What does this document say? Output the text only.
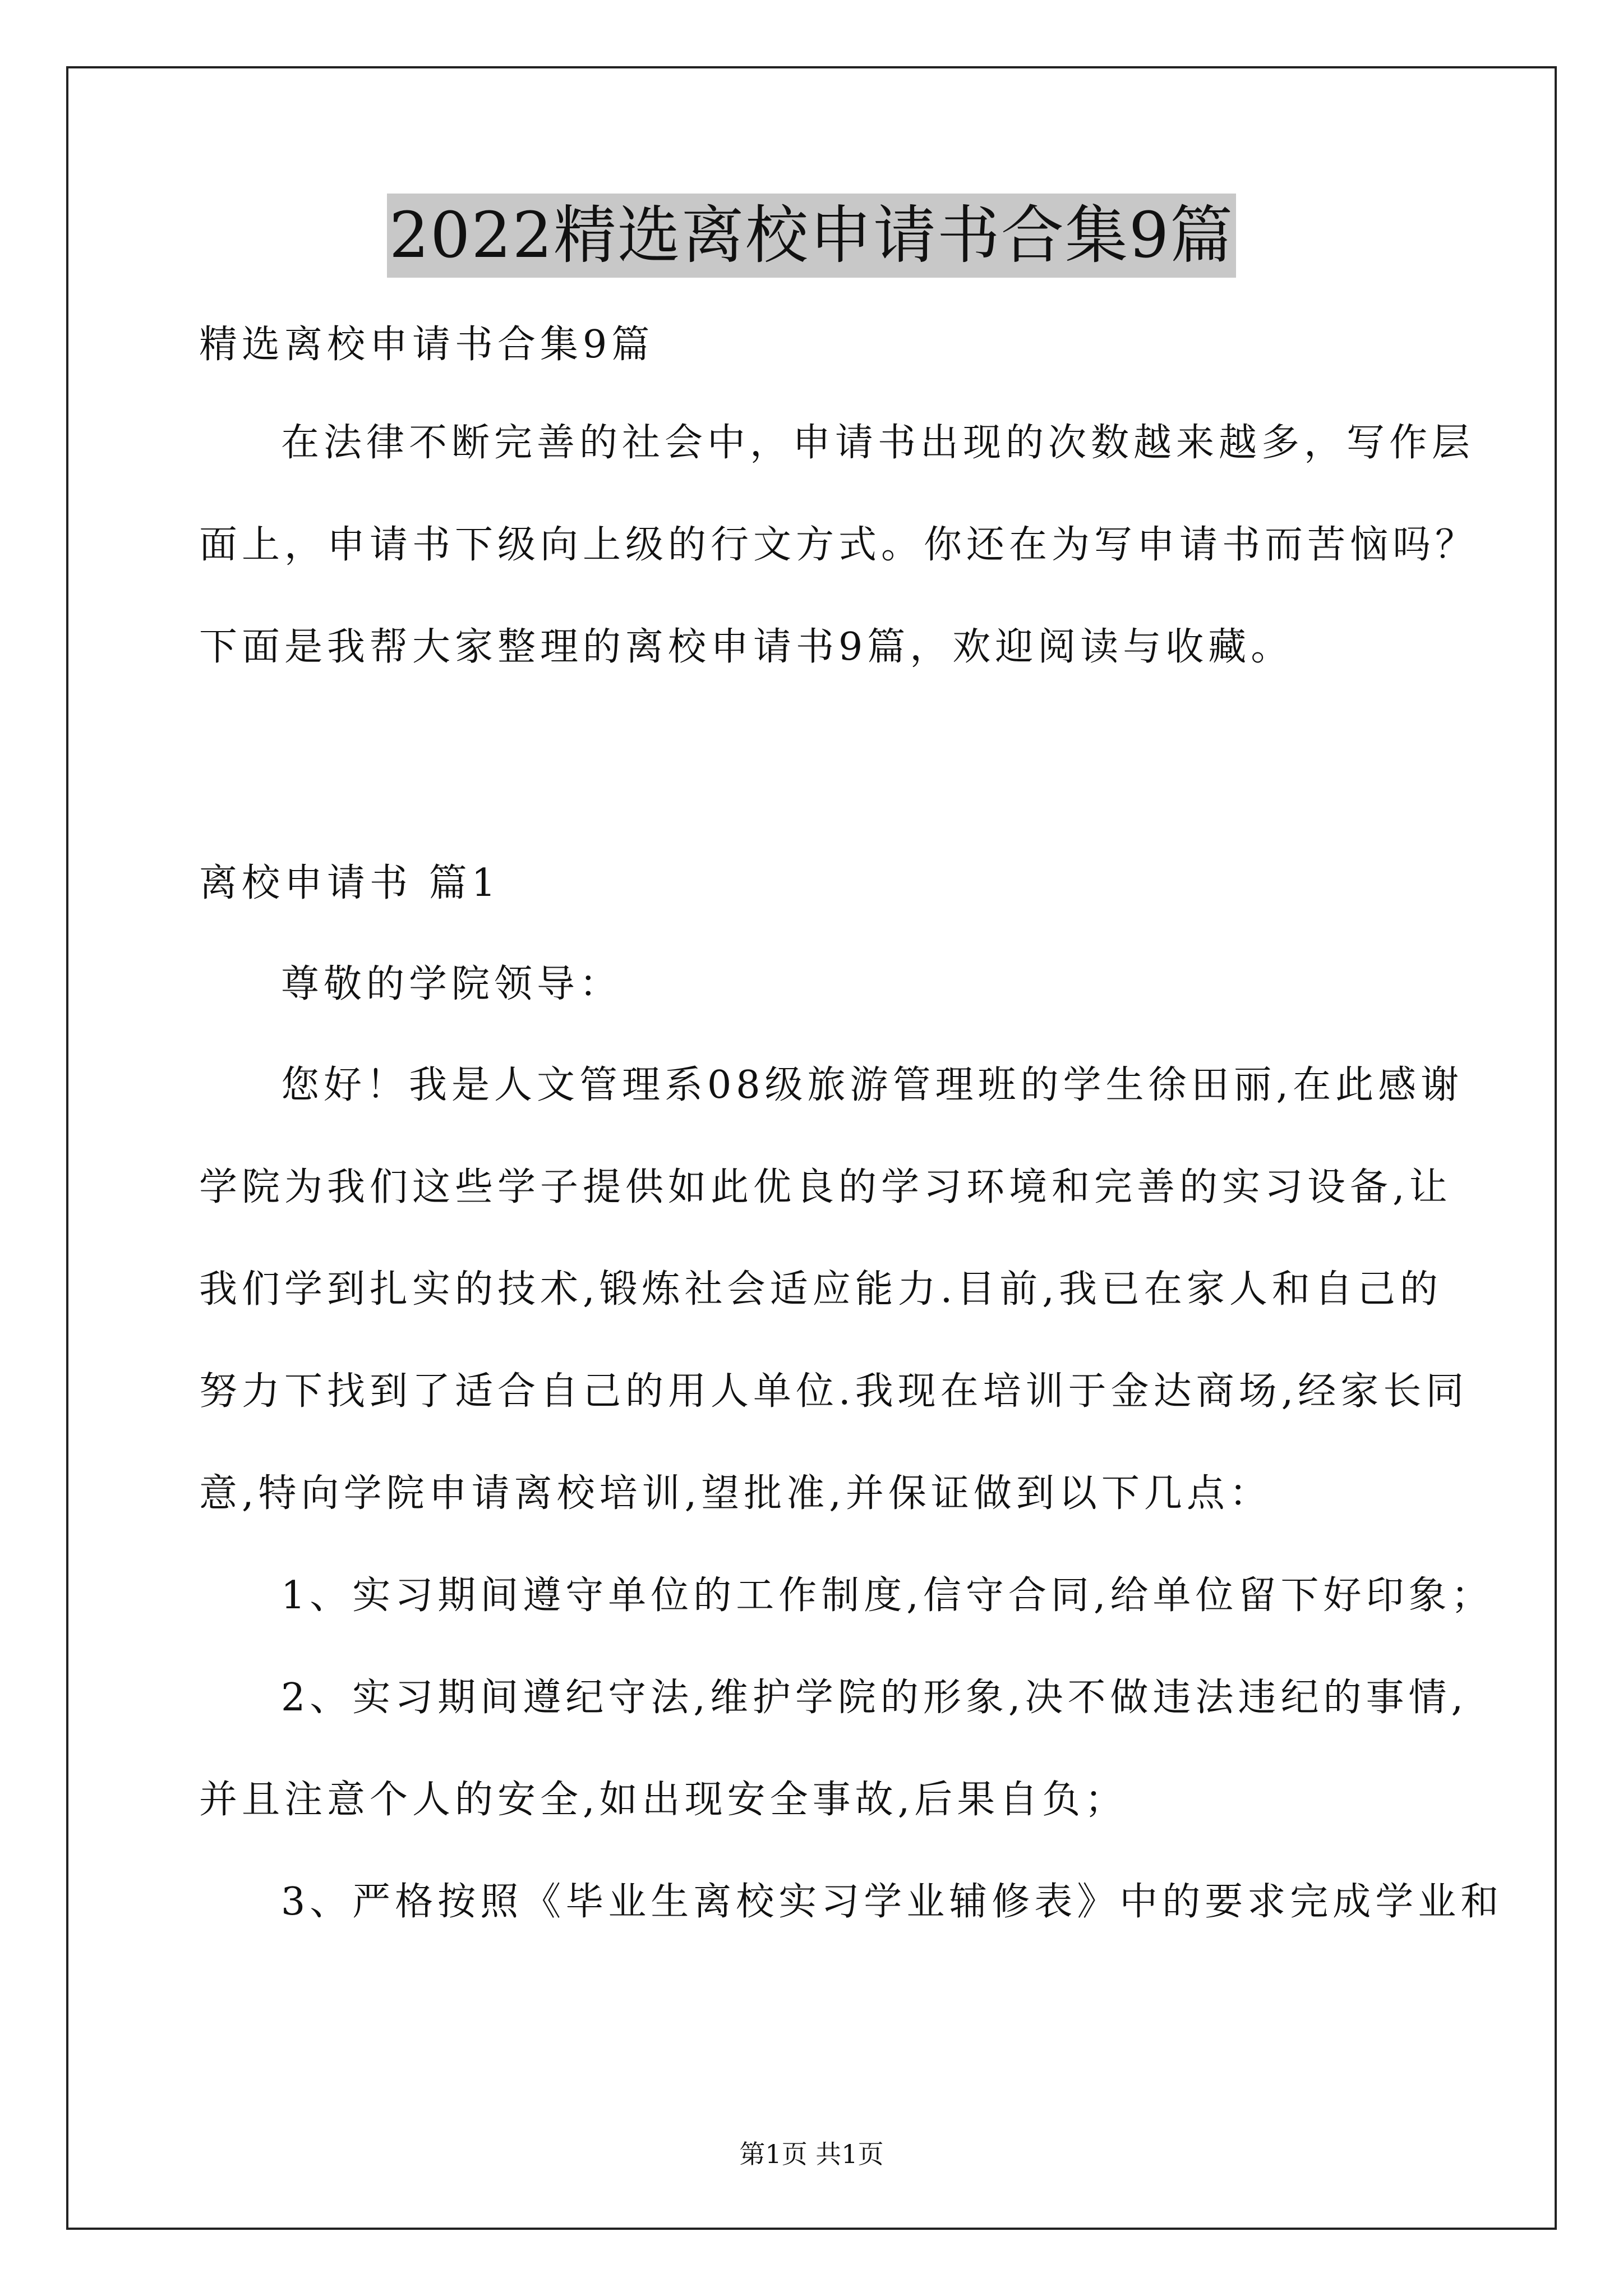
2022精选离校申请书合集9篇
精选离校申请书合集9篇
在法律不断完善的社会中，申请书出现的次数越来越多，写作层
面上，申请书下级向上级的行文方式。你还在为写申请书而苦恼吗？
下面是我帮大家整理的离校申请书9篇，欢迎阅读与收藏。
离校申请书 篇1
尊敬的学院领导：
您好！我是人文管理系08级旅游管理班的学生徐田丽,在此感谢
学院为我们这些学子提供如此优良的学习环境和完善的实习设备,让
我们学到扎实的技术,锻炼社会适应能力.目前,我已在家人和自己的
努力下找到了适合自己的用人单位.我现在培训于金达商场,经家长同
意,特向学院申请离校培训,望批准,并保证做到以下几点：
1、实习期间遵守单位的工作制度,信守合同,给单位留下好印象；
2、实习期间遵纪守法,维护学院的形象,决不做违法违纪的事情,
并且注意个人的安全,如出现安全事故,后果自负；
3、严格按照《毕业生离校实习学业辅修表》中的要求完成学业和
第1页 共1页
